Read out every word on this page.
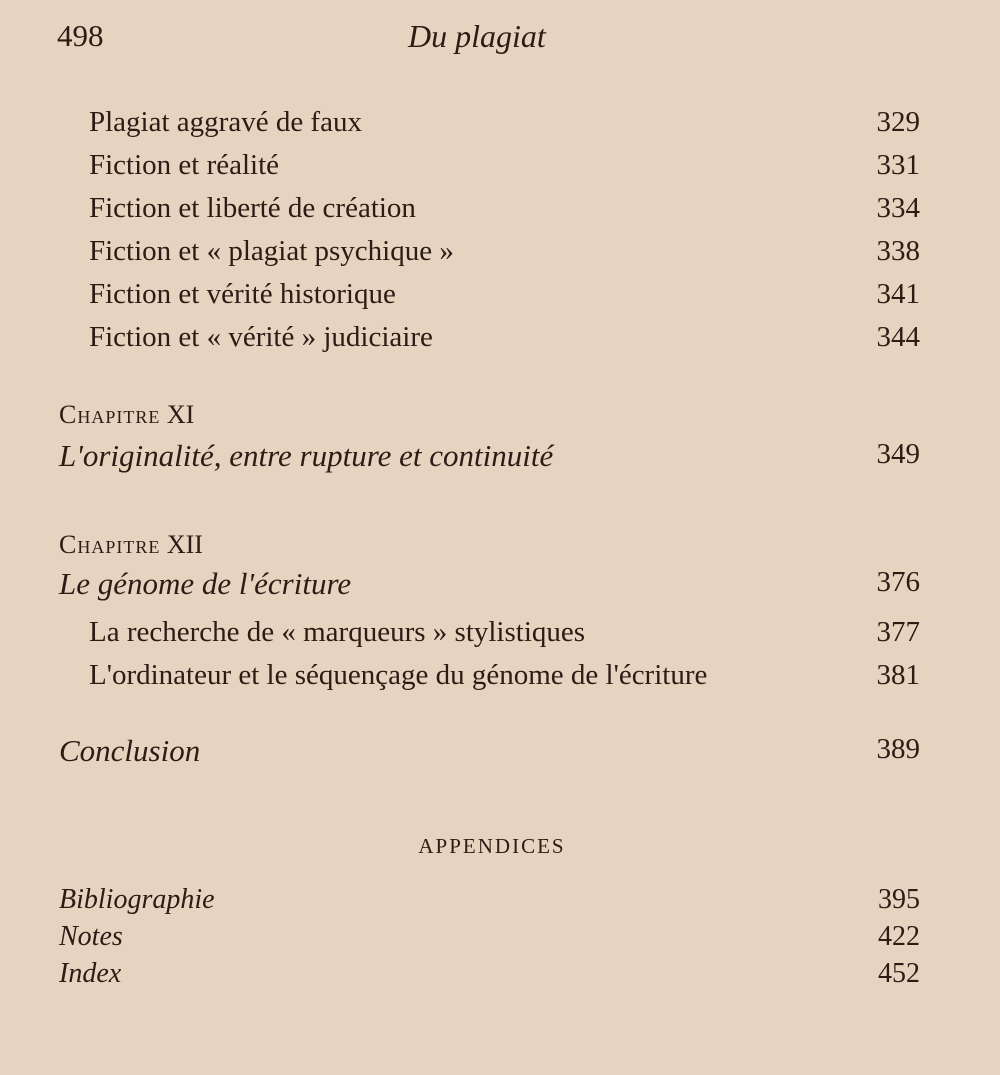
498	Du plagiat
Plagiat aggravé de faux	329
Fiction et réalité	331
Fiction et liberté de création	334
Fiction et « plagiat psychique »	338
Fiction et vérité historique	341
Fiction et « vérité » judiciaire	344
Chapitre XI
L'originalité, entre rupture et continuité	349
Chapitre XII
Le génome de l'écriture	376
La recherche de « marqueurs » stylistiques	377
L'ordinateur et le séquençage du génome de l'écriture	381
Conclusion	389
APPENDICES
Bibliographie	395
Notes	422
Index	452
